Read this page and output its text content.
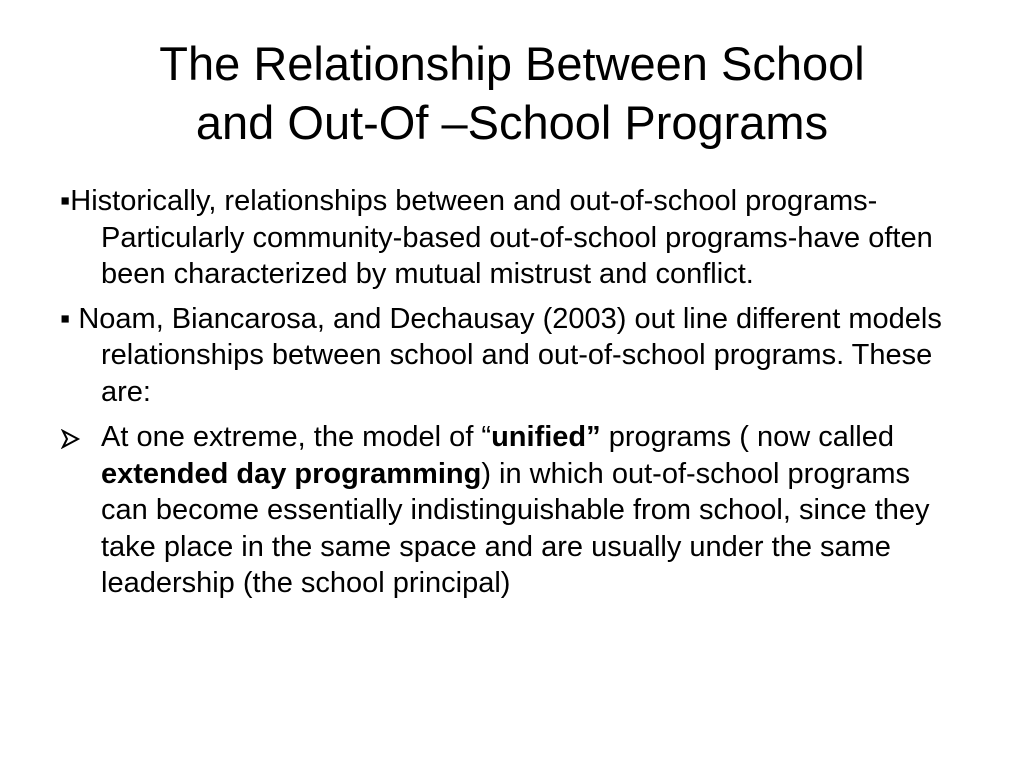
The Relationship Between School
and Out-Of –School Programs

▪Historically, relationships between and out-of-school programs-Particularly community-based out-of-school programs-have often been characterized by mutual mistrust and conflict.

▪ Noam, Biancarosa, and Dechausay (2003) out line different models relationships between school and out-of-school programs. These are:

At one extreme, the model of “unified” programs ( now called extended day programming) in which out-of-school programs can become essentially indistinguishable from school, since they take place in the same space and are usually under the same leadership (the school principal)
